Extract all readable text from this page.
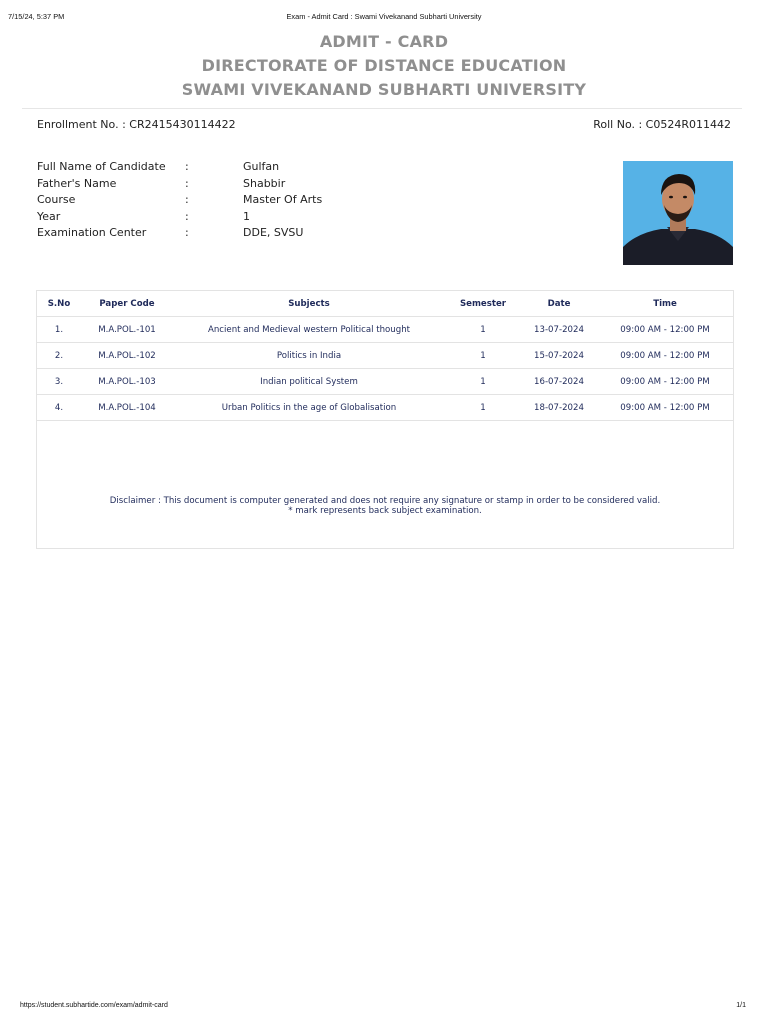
7/15/24, 5:37 PM	Exam - Admit Card : Swami Vivekanand Subharti University
ADMIT - CARD
DIRECTORATE OF DISTANCE EDUCATION
SWAMI VIVEKANAND SUBHARTI UNIVERSITY
Enrollment No. : CR2415430114422	Roll No. : C0524R011442
Full Name of Candidate :	Gulfan
Father's Name	:	Shabbir
Course	:	Master Of Arts
Year	:	1
Examination Center	:	DDE, SVSU
S.No	Paper Code	Subjects	Semester	Date	Time
1.	M.A.POL.-101	Ancient and Medieval western Political thought	1	13-07-2024	09:00 AM - 12:00 PM
2.	M.A.POL.-102	Politics in India	1	15-07-2024	09:00 AM - 12:00 PM
3.	M.A.POL.-103	Indian political System	1	16-07-2024	09:00 AM - 12:00 PM
4.	M.A.POL.-104	Urban Politics in the age of Globalisation	1	18-07-2024	09:00 AM - 12:00 PM
Disclaimer : This document is computer generated and does not require any signature or stamp in order to be considered valid.
* mark represents back subject examination.
https://student.subhartide.com/exam/admit-card	1/1
